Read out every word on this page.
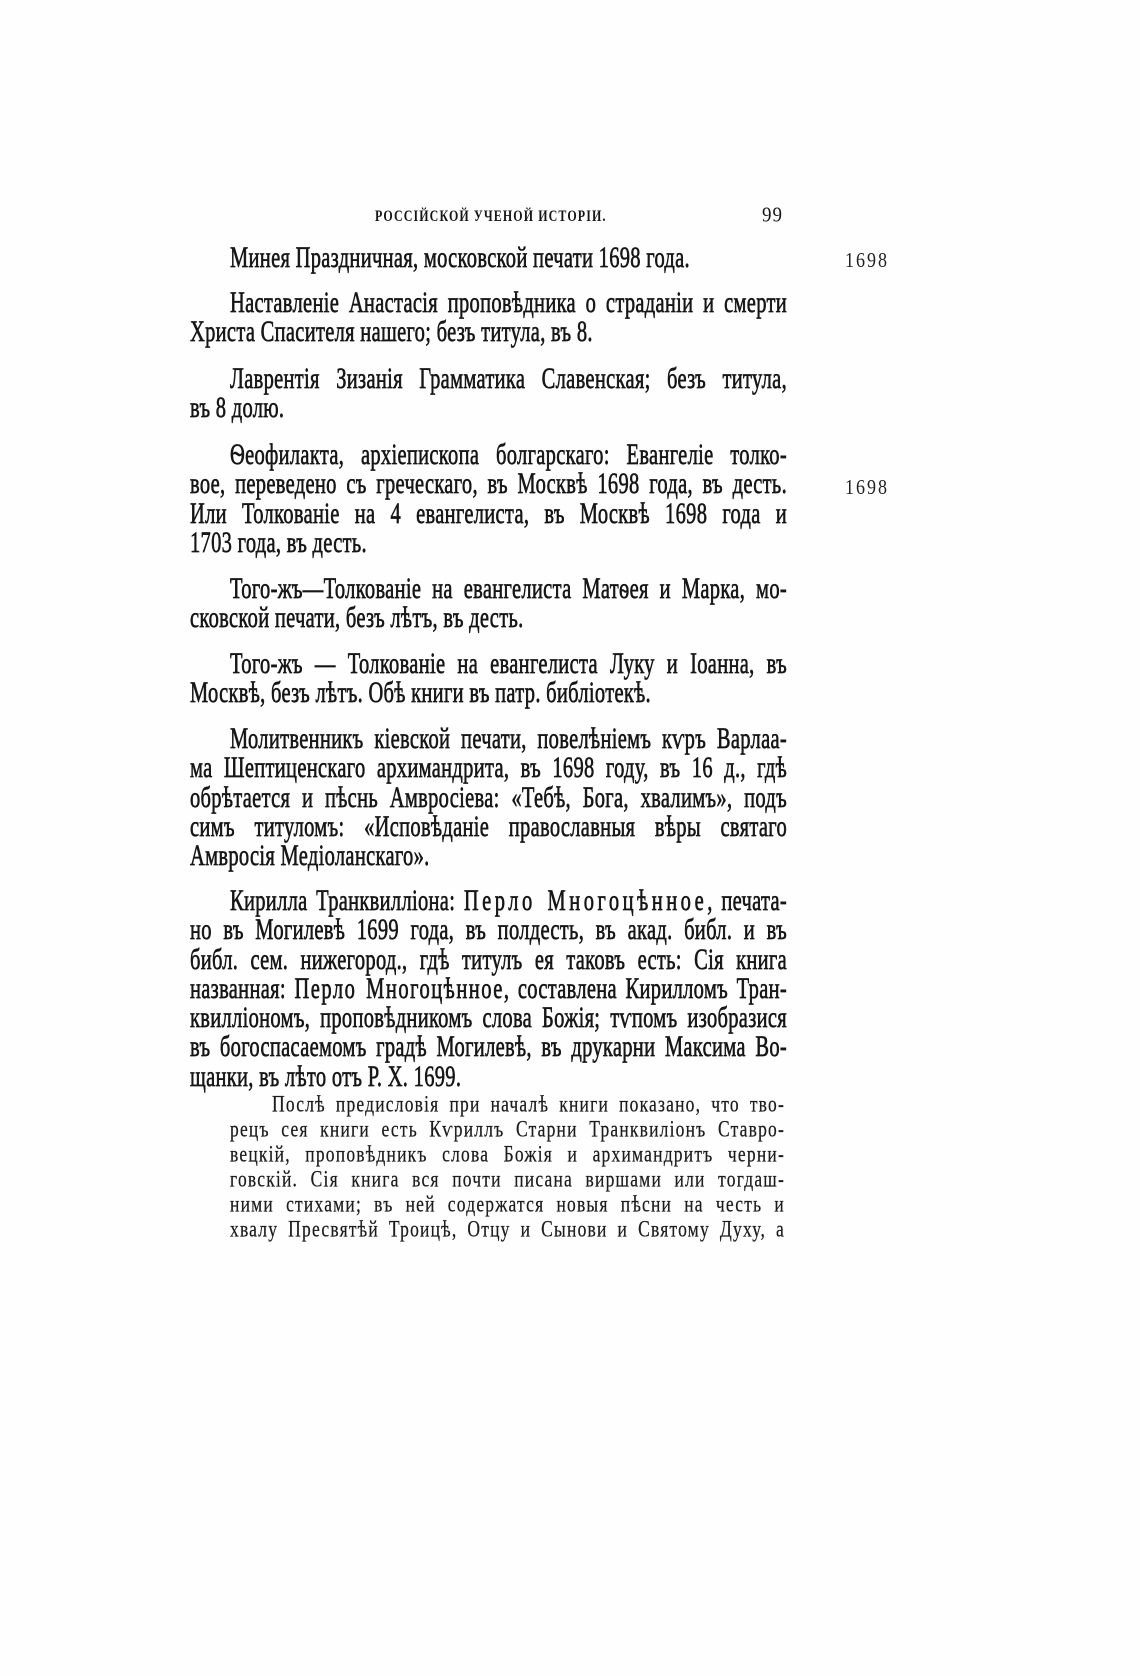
РОССІЙСКОЙ УЧЕНОЙ ИСТОРІИ.	99
Минея Праздничная, московской печати 1698 года.	1698
Наставленіе Анастасія проповѣдника о страданіи и смерти
Христа Спасителя нашего; безъ титула, въ 8.
Лаврентія Зизанія Грамматика Славенская; безъ титула,
въ 8 долю.
Ѳеофилакта, архіепископа болгарскаго: Евангеліе толко-
вое, переведено съ греческаго, въ Москвѣ 1698 года, въ десть.
Или Толкованіе на 4 евангелиста, въ Москвѣ 1698 года и
1703 года, въ десть.
1698
Того-жъ—Толкованіе на евангелиста Матѳея и Марка, мо-
сковской печати, безъ лѣтъ, въ десть.
Того-жъ — Толкованіе на евангелиста Луку и Іоанна, въ
Москвѣ, безъ лѣтъ. Обѣ книги въ патр. библіотекѣ.
Молитвенникъ кіевской печати, повелѣніемъ кѵръ Варлаа-
ма Шептиценскаго архимандрита, въ 1698 году, въ 16 д., гдѣ
обрѣтается и пѣснь Амвросіева: «Тебѣ, Бога, хвалимъ», подъ
симъ титуломъ: «Исповѣданіе православныя вѣры святаго
Амвросія Медіоланскаго».
Кирилла Транквилліона: Перло Многоцѣнное, печата-
но въ Могилевѣ 1699 года, въ полдесть, въ акад. библ. и въ
библ. сем. нижегород., гдѣ титулъ ея таковъ есть: Сія книга
названная: Перло Многоцѣнное, составлена Кирилломъ Тран-
квилліономъ, проповѣдникомъ слова Божія; тѵпомъ изобразися
въ богоспасаемомъ градѣ Могилевѣ, въ друкарни Максима Во-
щанки, въ лѣто отъ Р. Х. 1699.
Послѣ предисловія при началѣ книги показано, что тво-
рецъ сея книги есть Кѵриллъ Старни Транквиліонъ Ставро-
вецкій, проповѣдникъ слова Божія и архимандритъ черни-
говскій. Сія книга вся почти писана виршами или тогдаш-
ними стихами; въ ней содержатся новыя пѣсни на честь и
хвалу Пресвятѣй Троицѣ, Отцу и Сынови и Святому Духу, а
